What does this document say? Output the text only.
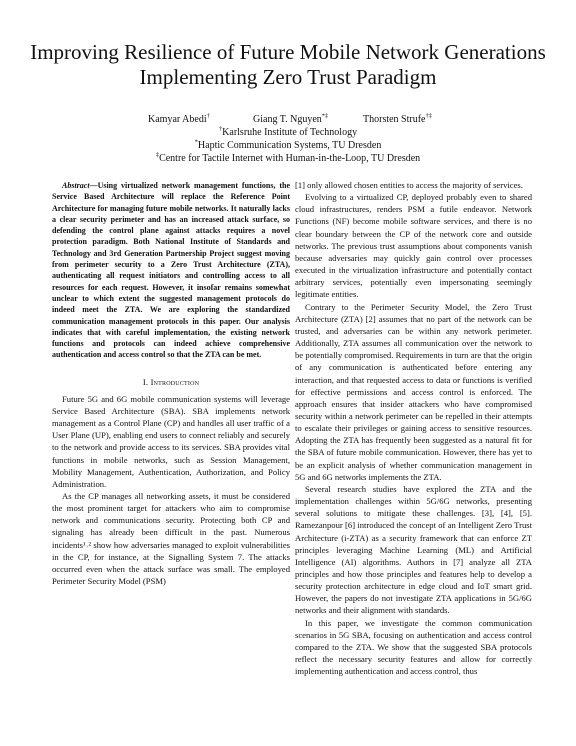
Improving Resilience of Future Mobile Network Generations Implementing Zero Trust Paradigm
Kamyar Abedi†	Giang T. Nguyen*‡	Thorsten Strufe†‡
†Karlsruhe Institute of Technology
*Haptic Communication Systems, TU Dresden
‡Centre for Tactile Internet with Human-in-the-Loop, TU Dresden

Abstract—Using virtualized network management functions, the Service Based Architecture will replace the Reference Point Architecture for managing future mobile networks. It naturally lacks a clear security perimeter and has an increased attack surface, so defending the control plane against attacks requires a novel protection paradigm. Both National Institute of Standards and Technology and 3rd Generation Partnership Project suggest moving from perimeter security to a Zero Trust Architecture (ZTA), authenticating all request initiators and controlling access to all resources for each request. However, it insofar remains somewhat unclear to which extent the suggested management protocols do indeed meet the ZTA. We are exploring the standardized communication management protocols in this paper. Our analysis indicates that with careful implementation, the existing network functions and protocols can indeed achieve comprehensive authentication and access control so that the ZTA can be met.

I. Introduction

Future 5G and 6G mobile communication systems will leverage Service Based Architecture (SBA). SBA implements network management as a Control Plane (CP) and handles all user traffic of a User Plane (UP), enabling end users to connect reliably and securely to the network and provide access to its services. SBA provides vital functions in mobile networks, such as Session Management, Mobility Management, Authentication, Authorization, and Policy Administration.

As the CP manages all networking assets, it must be considered the most prominent target for attackers who aim to compromise network and communications security. Protecting both CP and signaling has already been difficult in the past. Numerous incidents¹˒² show how adversaries managed to exploit vulnerabilities in the CP, for instance, at the Signalling System 7. The attacks occurred even when the attack surface was small. The employed Perimeter Security Model (PSM)

[1] only allowed chosen entities to access the majority of services.

Evolving to a virtualized CP, deployed probably even to shared cloud infrastructures, renders PSM a futile endeavor. Network Functions (NF) become mobile software services, and there is no clear boundary between the CP of the network core and outside networks. The previous trust assumptions about components vanish because adversaries may quickly gain control over processes executed in the virtualization infrastructure and potentially contact arbitrary services, potentially even impersonating seemingly legitimate entities.

Contrary to the Perimeter Security Model, the Zero Trust Architecture (ZTA) [2] assumes that no part of the network can be trusted, and adversaries can be within any network perimeter. Additionally, ZTA assumes all communication over the network to be potentially compromised. Requirements in turn are that the origin of any communication is authenticated before entering any interaction, and that requested access to data or functions is verified for effective permissions and access control is enforced. The approach ensures that insider attackers who have compromised security within a network perimeter can be repelled in their attempts to escalate their privileges or gaining access to sensitive resources. Adopting the ZTA has frequently been suggested as a natural fit for the SBA of future mobile communication. However, there has yet to be an explicit analysis of whether communication management in 5G and 6G networks implements the ZTA.

Several research studies have explored the ZTA and the implementation challenges within 5G/6G networks, presenting several solutions to mitigate these challenges. [3], [4], [5]. Ramezanpour [6] introduced the concept of an Intelligent Zero Trust Architecture (i-ZTA) as a security framework that can enforce ZT principles leveraging Machine Learning (ML) and Artificial Intelligence (AI) algorithms. Authors in [7] analyze all ZTA principles and how those principles and features help to develop a security protection architecture in edge cloud and IoT smart grid. However, the papers do not investigate ZTA applications in 5G/6G networks and their alignment with standards.

In this paper, we investigate the common communication scenarios in 5G SBA, focusing on authentication and access control compared to the ZTA. We show that the suggested SBA protocols reflect the necessary security features and allow for correctly implementing authentication and access control, thus
